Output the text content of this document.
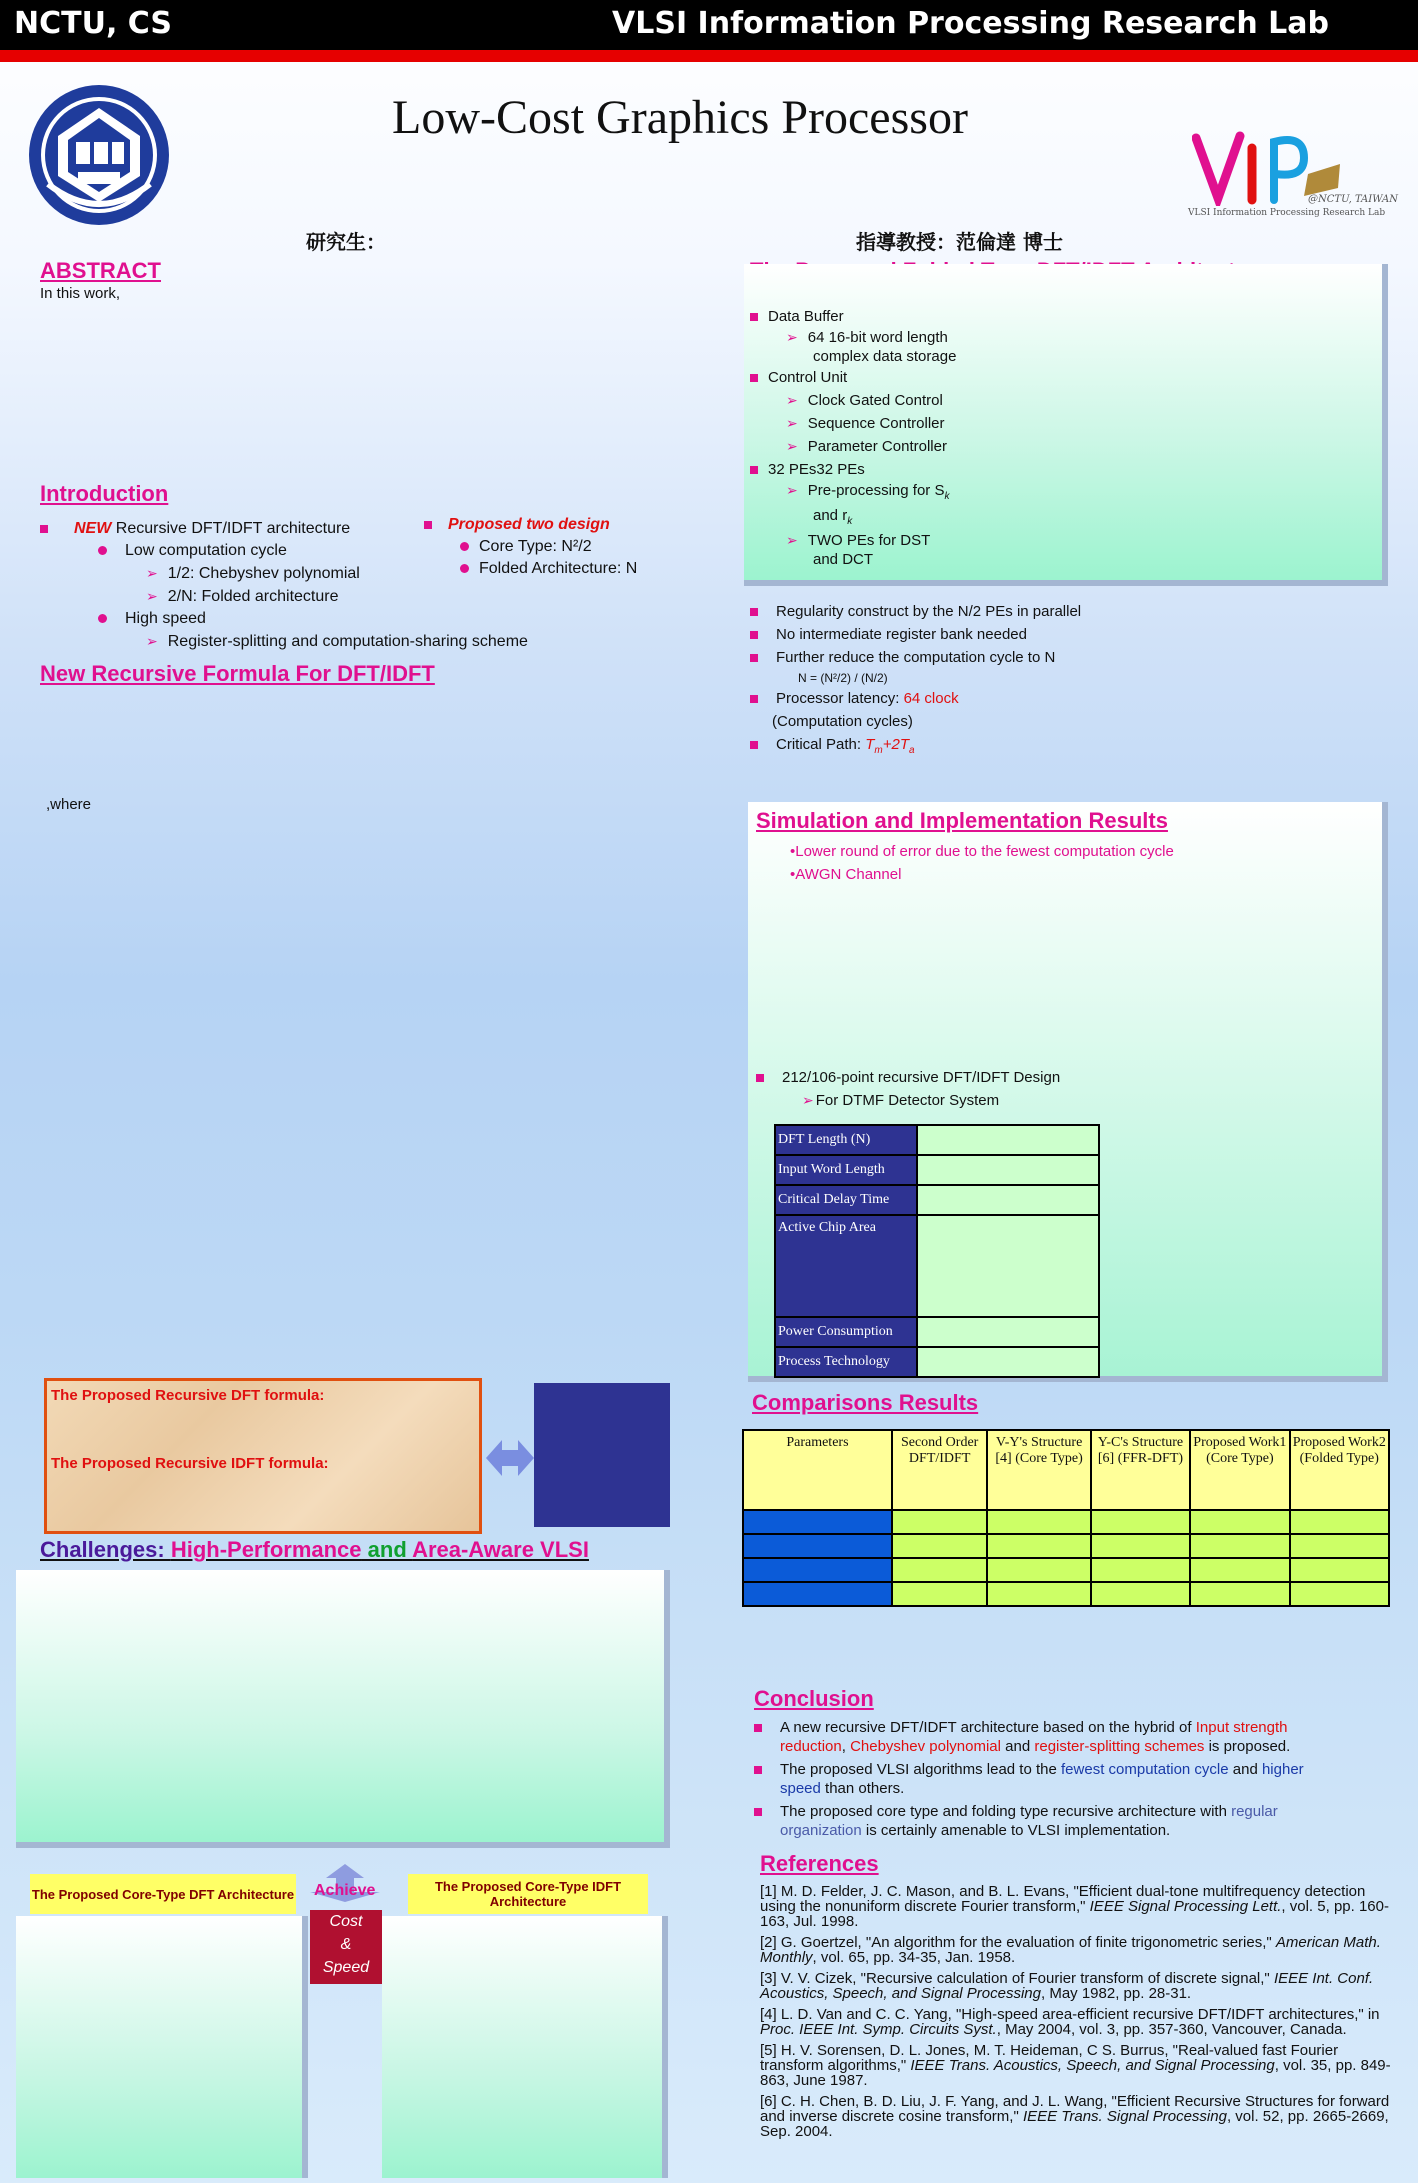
NCTU, CS	VLSI Information Processing Research Lab
Low-Cost Graphics Processor
@NCTU, TAIWAN
VLSI Information Processing Research Lab
研究生：	指導教授：范倫達 博士
ABSTRACT
In this work,
Introduction
NEW Recursive DFT/IDFT architecture
Low computation cycle
➢ 1/2: Chebyshev polynomial
➢ 2/N: Folded architecture
High speed
➢ Register-splitting and computation-sharing scheme
Proposed two design
Core Type: N²/2
Folded Architecture: N
New Recursive Formula For DFT/IDFT
,where
The Proposed Recursive DFT formula:
The Proposed Recursive IDFT formula:
Challenges: High-Performance and Area-Aware VLSI
The Proposed Core-Type DFT Architecture	The Proposed Core-Type IDFT Architecture
Achieve
Cost
&
Speed
Data Buffer
➢ 64 16-bit word length
complex data storage
Control Unit
➢ Clock Gated Control
➢ Sequence Controller
➢ Parameter Controller
32 PEs32 PEs
➢ Pre-processing for $S_k$
and $r_k$
➢ TWO PEs for DST
and DCT
Regularity construct by the N/2 PEs in parallel
No intermediate register bank needed
Further reduce the computation cycle to N
N = (N²/2) / (N/2)
Processor latency: 64 clock
(Computation cycles)
Critical Path: $T_m+2T_a$
Simulation and Implementation Results
•Lower round of error due to the fewest computation cycle
•AWGN Channel
212/106-point recursive DFT/IDFT Design
➢ For DTMF Detector System
DFT Length (N)	
Input Word Length	
Critical Delay Time	
Active Chip Area	
Power Consumption	
Process Technology	
Comparisons Results
Parameters	Second Order DFT/IDFT	V-Y's Structure [4] (Core Type)	Y-C's Structure [6] (FFR-DFT)	Proposed Work1 (Core Type)	Proposed Work2 (Folded Type)

Conclusion
A new recursive DFT/IDFT architecture based on the hybrid of Input strength reduction, Chebyshev polynomial and register-splitting schemes is proposed.
The proposed VLSI algorithms lead to the fewest computation cycle and higher speed than others.
The proposed core type and folding type recursive architecture with regular organization is certainly amenable to VLSI implementation.
References
[1] M. D. Felder, J. C. Mason, and B. L. Evans, "Efficient dual-tone multifrequency detection using the nonuniform discrete Fourier transform," IEEE Signal Processing Lett., vol. 5, pp. 160-163, Jul. 1998.
[2] G. Goertzel, "An algorithm for the evaluation of finite trigonometric series," American Math. Monthly, vol. 65, pp. 34-35, Jan. 1958.
[3] V. V. Cizek, "Recursive calculation of Fourier transform of discrete signal," IEEE Int. Conf. Acoustics, Speech, and Signal Processing, May 1982, pp. 28-31.
[4] L. D. Van and C. C. Yang, "High-speed area-efficient recursive DFT/IDFT architectures," in Proc. IEEE Int. Symp. Circuits Syst., May 2004, vol. 3, pp. 357-360, Vancouver, Canada.
[5] H. V. Sorensen, D. L. Jones, M. T. Heideman, C S. Burrus, "Real-valued fast Fourier transform algorithms," IEEE Trans. Acoustics, Speech, and Signal Processing, vol. 35, pp. 849-863, June 1987.
[6] C. H. Chen, B. D. Liu, J. F. Yang, and J. L. Wang, "Efficient Recursive Structures for forward and inverse discrete cosine transform," IEEE Trans. Signal Processing, vol. 52, pp. 2665-2669, Sep. 2004.
